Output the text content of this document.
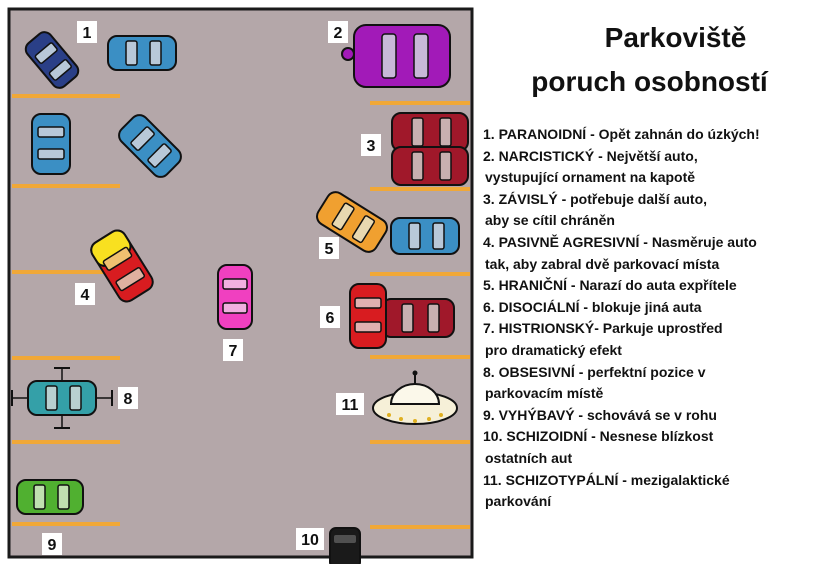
1	2
3
4
5
6
7
8
9	10
11
Parkoviště
poruch osobností
1. PARANOIDNÍ - Opět zahnán do úzkých!
2. NARCISTICKÝ - Největší auto,
vystupující ornament na kapotě
3. ZÁVISLÝ - potřebuje další auto,
aby se cítil chráněn
4. PASIVNĚ AGRESIVNÍ - Nasměruje auto
tak, aby zabral dvě parkovací místa
5. HRANIČNÍ - Narazí do auta expřítele
6. DISOCIÁLNÍ - blokuje jiná auta
7. HISTRIONSKÝ- Parkuje uprostřed
pro dramatický efekt
8. OBSESIVNÍ - perfektní pozice v
parkovacím místě
9. VYHÝBAVÝ - schovává se v rohu
10. SCHIZOIDNÍ - Nesnese blízkost
ostatních aut
11. SCHIZOTYPÁLNÍ - mezigalaktické
parkování
